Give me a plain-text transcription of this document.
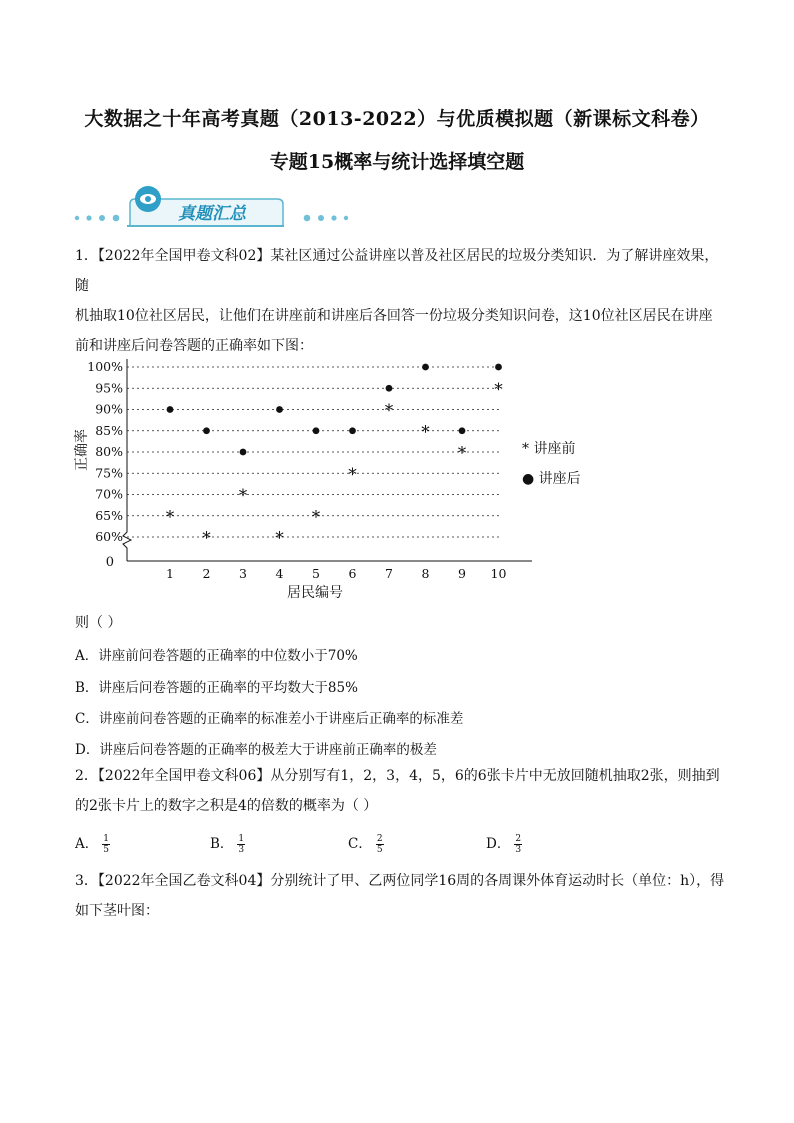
大数据之十年高考真题（2013-2022）与优质模拟题（新课标文科卷）
专题15概率与统计选择填空题
真题汇总
1．【2022年全国甲卷文科02】某社区通过公益讲座以普及社区居民的垃圾分类知识．为了解讲座效果，随
机抽取10位社区居民，让他们在讲座前和讲座后各回答一份垃圾分类知识问卷，这10位社区居民在讲座
前和讲座后问卷答题的正确率如下图：
60%
65%
70%
75%
80%
85%
90%
95%
100%
0
1 2 3 4 5 6 7 8 9 10
居民编号
正确率
*
*
*
*
*
*
*
*
*
*
* 讲座前
● 讲座后
则（ ）
A．讲座前问卷答题的正确率的中位数小于70%
B．讲座后问卷答题的正确率的平均数大于85%
C．讲座前问卷答题的正确率的标准差小于讲座后正确率的标准差
D．讲座后问卷答题的正确率的极差大于讲座前正确率的极差
2．【2022年全国甲卷文科06】从分别写有1，2，3，4，5，6的6张卡片中无放回随机抽取2张，则抽到
的2张卡片上的数字之积是4的倍数的概率为（ ）
A． $\frac{1}{5}$	B． $\frac{1}{3}$	C． $\frac{2}{5}$	D． $\frac{2}{3}$
3．【2022年全国乙卷文科04】分别统计了甲、乙两位同学16周的各周课外体育运动时长（单位：h），得
如下茎叶图：
